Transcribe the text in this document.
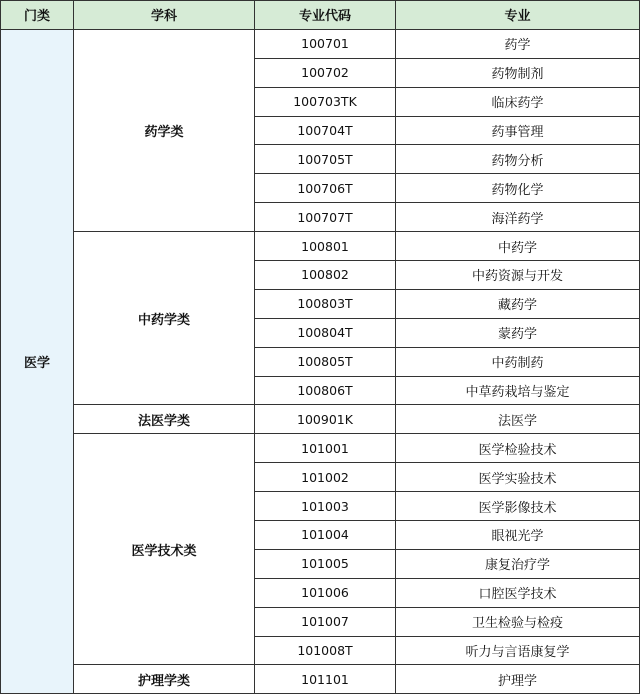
门类	学科	专业代码	专业
医学	药学类	100701	药学
		100702	药物制剂
		100703TK	临床药学
		100704T	药事管理
		100705T	药物分析
		100706T	药物化学
		100707T	海洋药学
	中药学类	100801	中药学
		100802	中药资源与开发
		100803T	藏药学
		100804T	蒙药学
		100805T	中药制药
		100806T	中草药栽培与鉴定
	法医学类	100901K	法医学
	医学技术类	101001	医学检验技术
		101002	医学实验技术
		101003	医学影像技术
		101004	眼视光学
		101005	康复治疗学
		101006	口腔医学技术
		101007	卫生检验与检疫
		101008T	听力与言语康复学
	护理学类	101101	护理学
